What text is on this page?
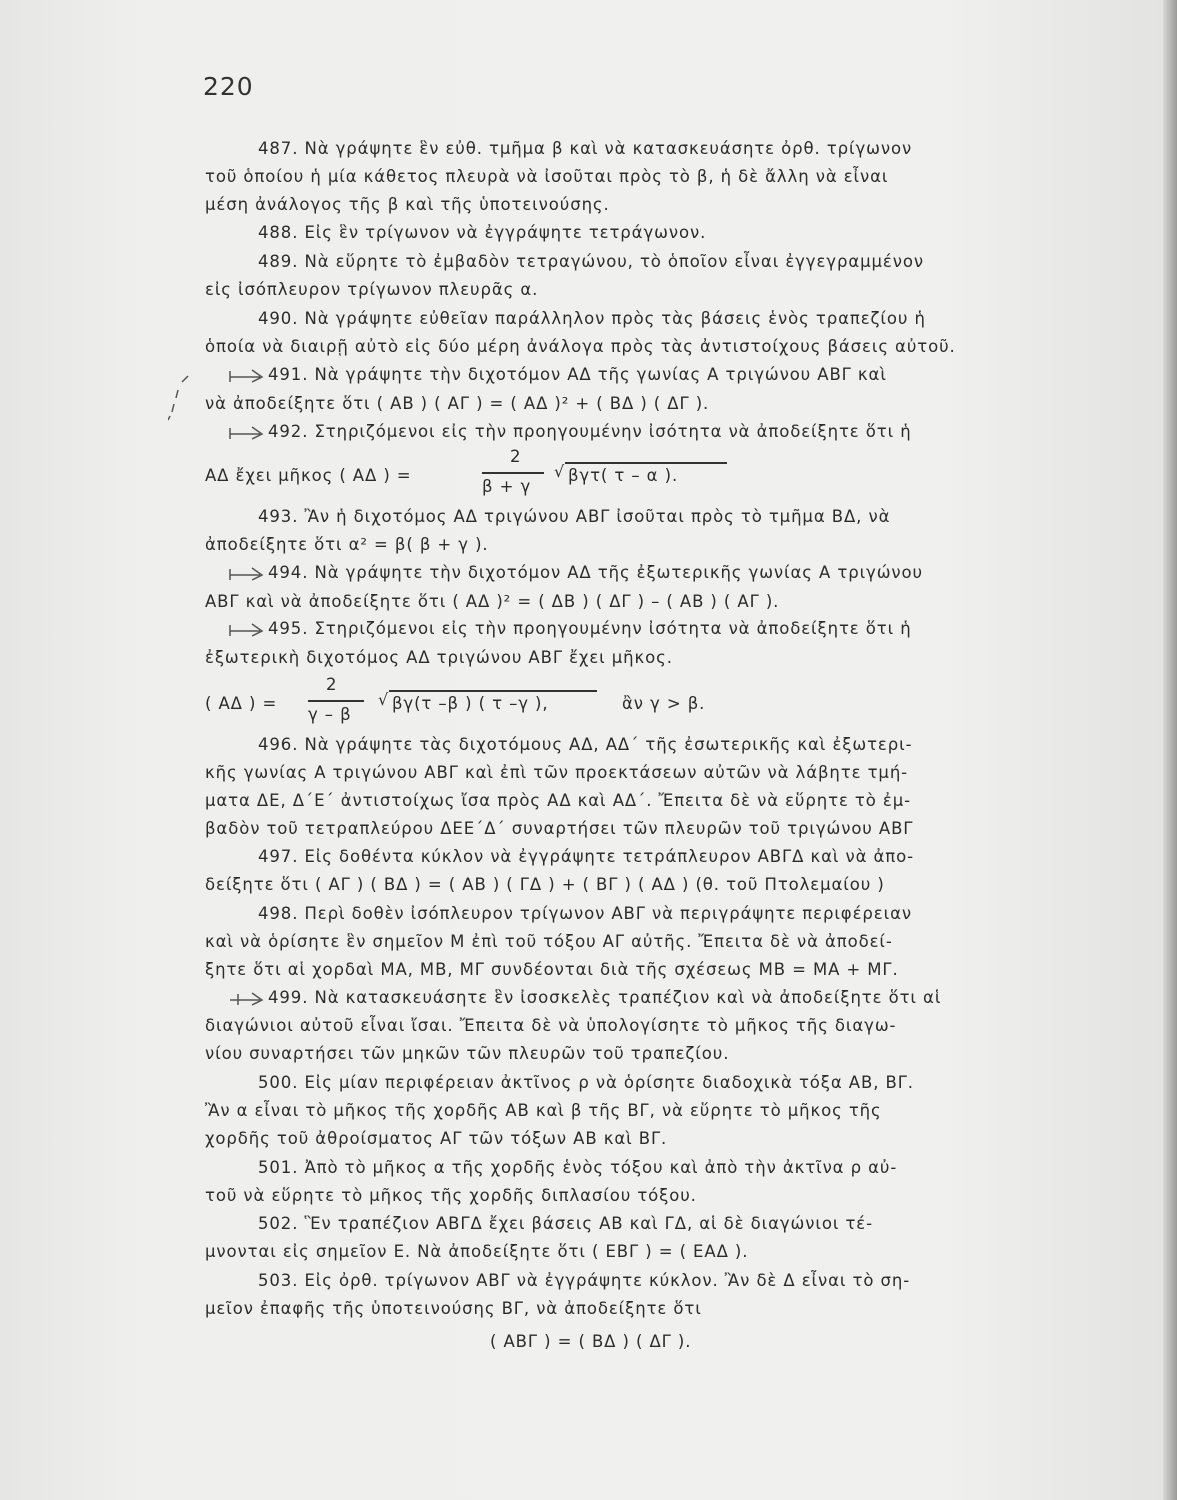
220
487. Νὰ γράψητε ἓν εὐθ. τμῆμα β καὶ νὰ κατασκευάσητε ὀρθ. τρίγωνον
τοῦ ὁποίου ἡ μία κάθετος πλευρὰ νὰ ἰσοῦται πρὸς τὸ β, ἡ δὲ ἄλλη νὰ εἶναι
μέση ἀνάλογος τῆς β καὶ τῆς ὑποτεινούσης.
488. Εἰς ἓν τρίγωνον νὰ ἐγγράψητε τετράγωνον.
489. Νὰ εὕρητε τὸ ἐμβαδὸν τετραγώνου, τὸ ὁποῖον εἶναι ἐγγεγραμμένον
εἰς ἰσόπλευρον τρίγωνον πλευρᾶς α.
490. Νὰ γράψητε εὐθεῖαν παράλληλον πρὸς τὰς βάσεις ἑνὸς τραπεζίου ἡ
ὁποία νὰ διαιρῇ αὐτὸ εἰς δύο μέρη ἀνάλογα πρὸς τὰς ἀντιστοίχους βάσεις αὐτοῦ.
491. Νὰ γράψητε τὴν διχοτόμον ΑΔ τῆς γωνίας Α τριγώνου ΑΒΓ καὶ
νὰ ἀποδείξητε ὅτι ( ΑΒ ) ( ΑΓ ) = ( ΑΔ )² + ( ΒΔ ) ( ΔΓ ).
492. Στηριζόμενοι εἰς τὴν προηγουμένην ἰσότητα νὰ ἀποδείξητε ὅτι ἡ
ΑΔ ἔχει μῆκος ( ΑΔ ) =
2
β + γ
√ βγτ( τ – α ).
493. Ἂν ἡ διχοτόμος ΑΔ τριγώνου ΑΒΓ ἰσοῦται πρὸς τὸ τμῆμα ΒΔ, νὰ
ἀποδείξητε ὅτι α² = β( β + γ ).
494. Νὰ γράψητε τὴν διχοτόμον ΑΔ τῆς ἐξωτερικῆς γωνίας Α τριγώνου
ΑΒΓ καὶ νὰ ἀποδείξητε ὅτι ( ΑΔ )² = ( ΔΒ ) ( ΔΓ ) – ( ΑΒ ) ( ΑΓ ).
495. Στηριζόμενοι εἰς τὴν προηγουμένην ἰσότητα νὰ ἀποδείξητε ὅτι ἡ
ἐξωτερικὴ διχοτόμος ΑΔ τριγώνου ΑΒΓ ἔχει μῆκος.
( ΑΔ ) =
2
γ – β
√ βγ(τ –β ) ( τ –γ ),	ἂν γ > β.
496. Νὰ γράψητε τὰς διχοτόμους ΑΔ, ΑΔ΄ τῆς ἐσωτερικῆς καὶ ἐξωτερι-
κῆς γωνίας Α τριγώνου ΑΒΓ καὶ ἐπὶ τῶν προεκτάσεων αὐτῶν νὰ λάβητε τμή-
ματα ΔΕ, Δ΄Ε΄ ἀντιστοίχως ἴσα πρὸς ΑΔ καὶ ΑΔ΄. Ἔπειτα δὲ νὰ εὕρητε τὸ ἐμ-
βαδὸν τοῦ τετραπλεύρου ΔΕΕ΄Δ΄ συναρτήσει τῶν πλευρῶν τοῦ τριγώνου ΑΒΓ
497. Εἰς δοθέντα κύκλον νὰ ἐγγράψητε τετράπλευρον ΑΒΓΔ καὶ νὰ ἀπο-
δείξητε ὅτι ( ΑΓ ) ( ΒΔ ) = ( ΑΒ ) ( ΓΔ ) + ( ΒΓ ) ( ΑΔ ) (θ. τοῦ Πτολεμαίου )
498. Περὶ δοθὲν ἰσόπλευρον τρίγωνον ΑΒΓ νὰ περιγράψητε περιφέρειαν
καὶ νὰ ὁρίσητε ἓν σημεῖον Μ ἐπὶ τοῦ τόξου ΑΓ αὐτῆς. Ἔπειτα δὲ νὰ ἀποδεί-
ξητε ὅτι αἱ χορδαὶ ΜΑ, ΜΒ, ΜΓ συνδέονται διὰ τῆς σχέσεως ΜΒ = ΜΑ + ΜΓ.
499. Νὰ κατασκευάσητε ἓν ἰσοσκελὲς τραπέζιον καὶ νὰ ἀποδείξητε ὅτι αἱ
διαγώνιοι αὐτοῦ εἶναι ἴσαι. Ἔπειτα δὲ νὰ ὑπολογίσητε τὸ μῆκος τῆς διαγω-
νίου συναρτήσει τῶν μηκῶν τῶν πλευρῶν τοῦ τραπεζίου.
500. Εἰς μίαν περιφέρειαν ἀκτῖνος ρ νὰ ὁρίσητε διαδοχικὰ τόξα ΑΒ, ΒΓ.
Ἂν α εἶναι τὸ μῆκος τῆς χορδῆς ΑΒ καὶ β τῆς ΒΓ, νὰ εὕρητε τὸ μῆκος τῆς
χορδῆς τοῦ ἀθροίσματος ΑΓ τῶν τόξων ΑΒ καὶ ΒΓ.
501. Ἀπὸ τὸ μῆκος α τῆς χορδῆς ἑνὸς τόξου καὶ ἀπὸ τὴν ἀκτῖνα ρ αὐ-
τοῦ νὰ εὕρητε τὸ μῆκος τῆς χορδῆς διπλασίου τόξου.
502. Ἓν τραπέζιον ΑΒΓΔ ἔχει βάσεις ΑΒ καὶ ΓΔ, αἱ δὲ διαγώνιοι τέ-
μνονται εἰς σημεῖον Ε. Νὰ ἀποδείξητε ὅτι ( ΕΒΓ ) = ( ΕΑΔ ).
503. Εἰς ὀρθ. τρίγωνον ΑΒΓ νὰ ἐγγράψητε κύκλον. Ἂν δὲ Δ εἶναι τὸ ση-
μεῖον ἐπαφῆς τῆς ὑποτεινούσης ΒΓ, νὰ ἀποδείξητε ὅτι
( ΑΒΓ ) = ( ΒΔ ) ( ΔΓ ).
